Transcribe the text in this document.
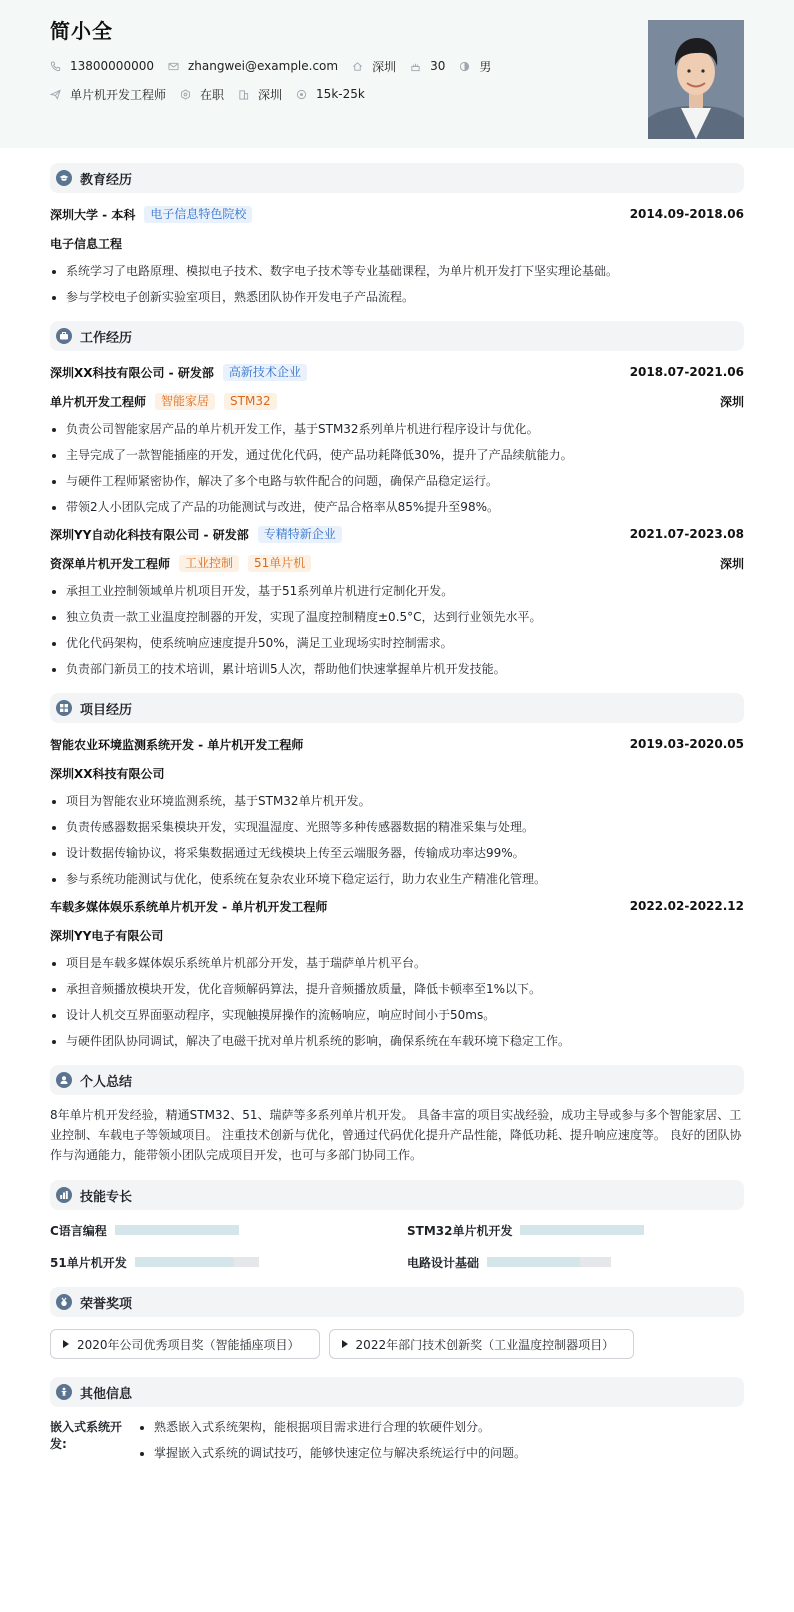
简小全
13800000000	zhangwei@example.com	深圳	30	男
单片机开发工程师	在职	深圳	15k-25k
教育经历
深圳大学 - 本科	电子信息特色院校	2014.09-2018.06
电子信息工程
系统学习了电路原理、模拟电子技术、数字电子技术等专业基础课程，为单片机开发打下坚实理论基础。
参与学校电子创新实验室项目，熟悉团队协作开发电子产品流程。
工作经历
深圳XX科技有限公司 - 研发部	高新技术企业	2018.07-2021.06
单片机开发工程师	智能家居	STM32	深圳
负责公司智能家居产品的单片机开发工作，基于STM32系列单片机进行程序设计与优化。
主导完成了一款智能插座的开发，通过优化代码，使产品功耗降低30%，提升了产品续航能力。
与硬件工程师紧密协作，解决了多个电路与软件配合的问题，确保产品稳定运行。
带领2人小团队完成了产品的功能测试与改进，使产品合格率从85%提升至98%。
深圳YY自动化科技有限公司 - 研发部	专精特新企业	2021.07-2023.08
资深单片机开发工程师	工业控制	51单片机	深圳
承担工业控制领域单片机项目开发，基于51系列单片机进行定制化开发。
独立负责一款工业温度控制器的开发，实现了温度控制精度±0.5°C，达到行业领先水平。
优化代码架构，使系统响应速度提升50%，满足工业现场实时控制需求。
负责部门新员工的技术培训，累计培训5人次，帮助他们快速掌握单片机开发技能。
项目经历
智能农业环境监测系统开发 - 单片机开发工程师	2019.03-2020.05
深圳XX科技有限公司
项目为智能农业环境监测系统，基于STM32单片机开发。
负责传感器数据采集模块开发，实现温湿度、光照等多种传感器数据的精准采集与处理。
设计数据传输协议，将采集数据通过无线模块上传至云端服务器，传输成功率达99%。
参与系统功能测试与优化，使系统在复杂农业环境下稳定运行，助力农业生产精准化管理。
车载多媒体娱乐系统单片机开发 - 单片机开发工程师	2022.02-2022.12
深圳YY电子有限公司
项目是车载多媒体娱乐系统单片机部分开发，基于瑞萨单片机平台。
承担音频播放模块开发，优化音频解码算法，提升音频播放质量，降低卡顿率至1%以下。
设计人机交互界面驱动程序，实现触摸屏操作的流畅响应，响应时间小于50ms。
与硬件团队协同调试，解决了电磁干扰对单片机系统的影响，确保系统在车载环境下稳定工作。
个人总结
8年单片机开发经验，精通STM32、51、瑞萨等多系列单片机开发。 具备丰富的项目实战经验，成功主导或参与多个智能家居、工业控制、车载电子等领域项目。 注重技术创新与优化，曾通过代码优化提升产品性能，降低功耗、提升响应速度等。 良好的团队协作与沟通能力，能带领小团队完成项目开发，也可与多部门协同工作。
技能专长
C语言编程	STM32单片机开发
51单片机开发	电路设计基础
荣誉奖项
2020年公司优秀项目奖（智能插座项目）	2022年部门技术创新奖（工业温度控制器项目）
其他信息
嵌入式系统开发:
熟悉嵌入式系统架构，能根据项目需求进行合理的软硬件划分。
掌握嵌入式系统的调试技巧，能够快速定位与解决系统运行中的问题。
